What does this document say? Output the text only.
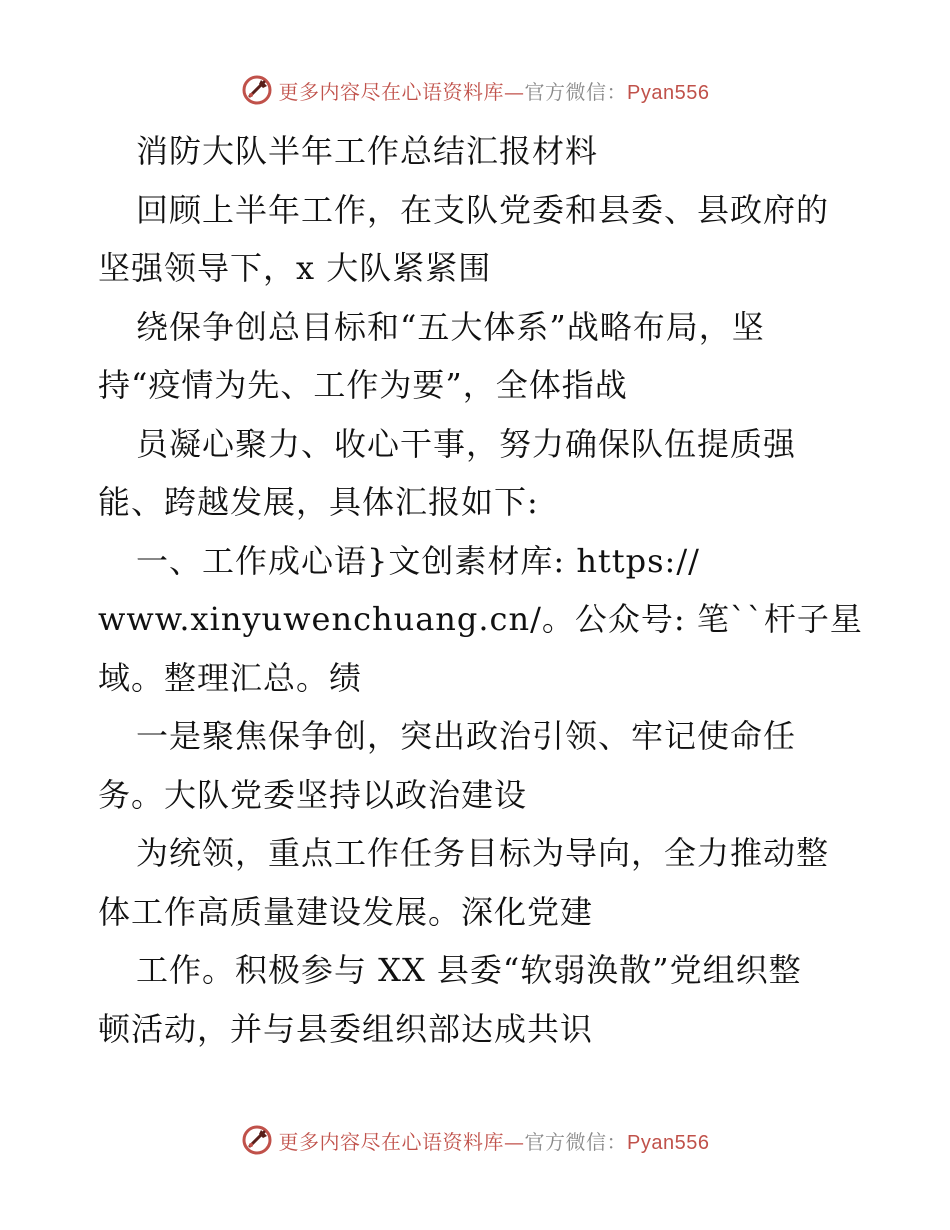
更多内容尽在心语资料库—官方微信：Pyan556
消防大队半年工作总结汇报材料
回顾上半年工作，在支队党委和县委、县政府的
坚强领导下，x 大队紧紧围
绕保争创总目标和“五大体系”战略布局，坚
持“疫情为先、工作为要”，全体指战
员凝心聚力、收心干事，努力确保队伍提质强
能、跨越发展，具体汇报如下:
一、工作成心语}文创素材库: https://
www.xinyuwenchuang.cn/。公众号: 笔``杆子星
域。整理汇总。绩
一是聚焦保争创，突出政治引领、牢记使命任
务。大队党委坚持以政治建设
为统领，重点工作任务目标为导向，全力推动整
体工作高质量建设发展。深化党建
工作。积极参与 XX 县委“软弱涣散”党组织整
顿活动，并与县委组织部达成共识
更多内容尽在心语资料库—官方微信：Pyan556
